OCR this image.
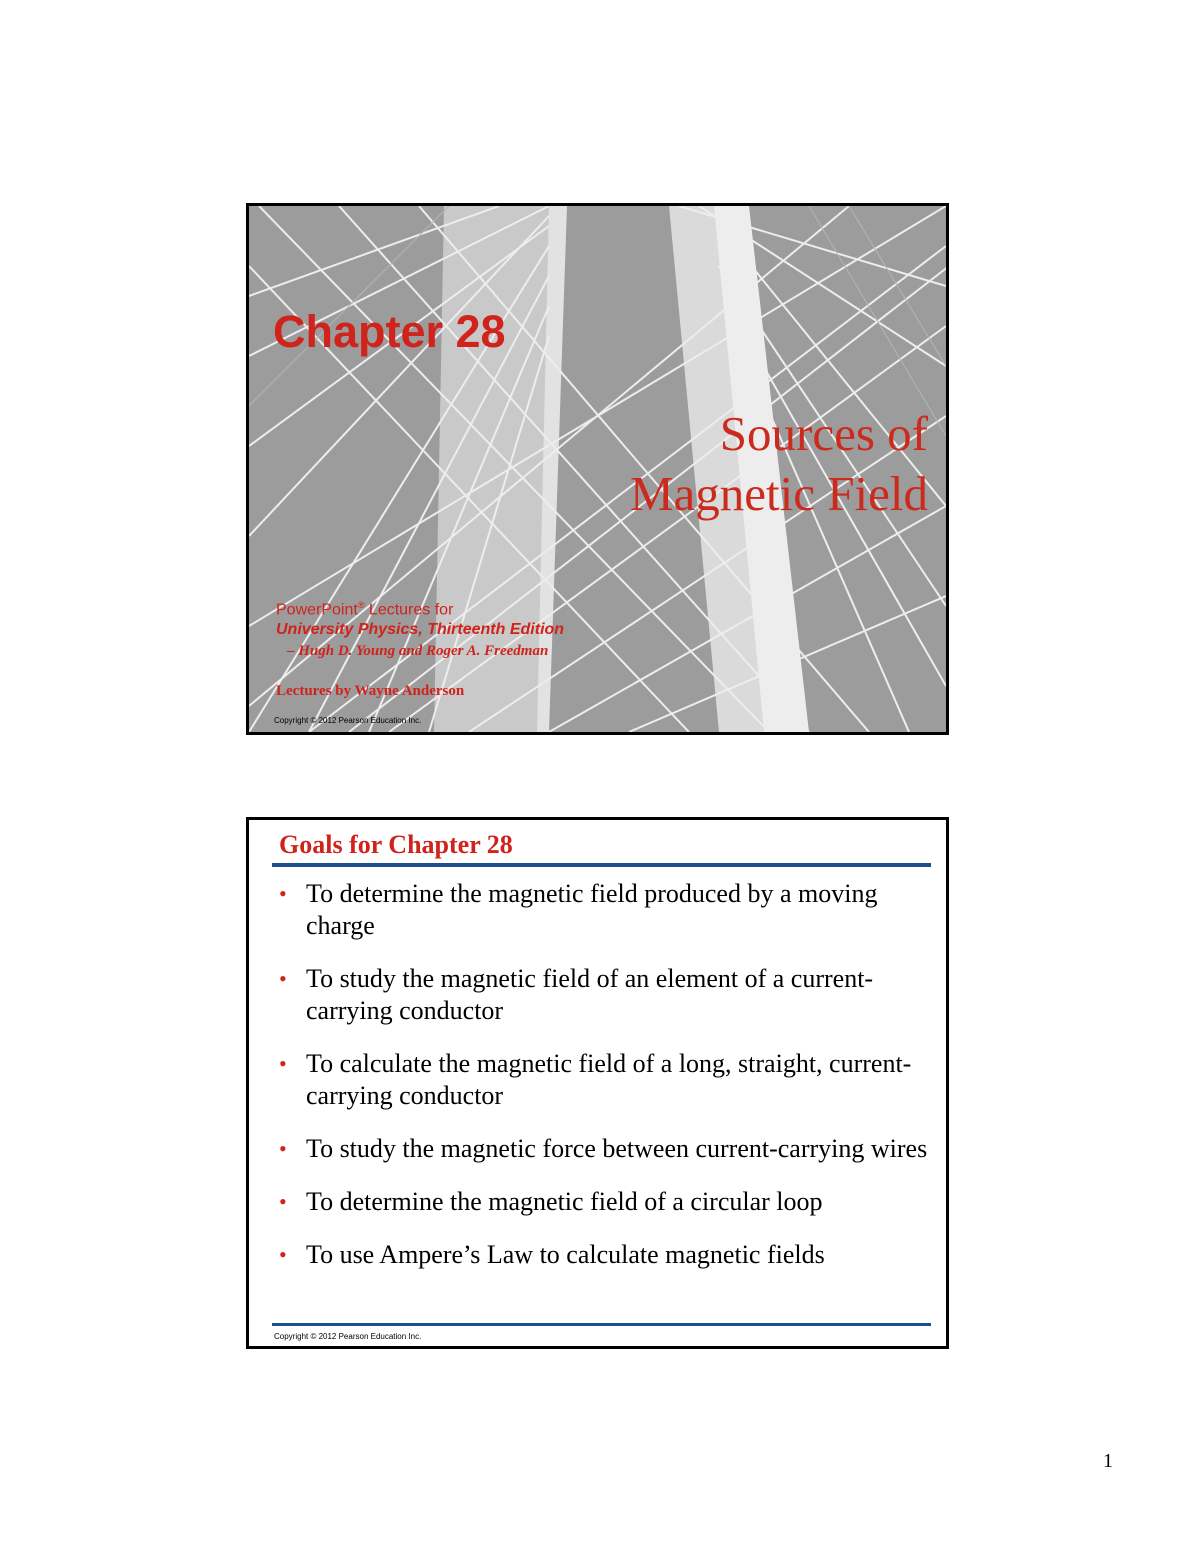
Chapter 28
Sources of
Magnetic Field
PowerPoint® Lectures for
University Physics, Thirteenth Edition
– Hugh D. Young and Roger A. Freedman
Lectures by Wayne Anderson
Copyright © 2012 Pearson Education Inc.
Goals for Chapter 28
• To determine the magnetic field produced by a moving charge
• To study the magnetic field of an element of a current-carrying conductor
• To calculate the magnetic field of a long, straight, current-carrying conductor
• To study the magnetic force between current-carrying wires
• To determine the magnetic field of a circular loop
• To use Ampere’s Law to calculate magnetic fields
Copyright © 2012 Pearson Education Inc.
1
